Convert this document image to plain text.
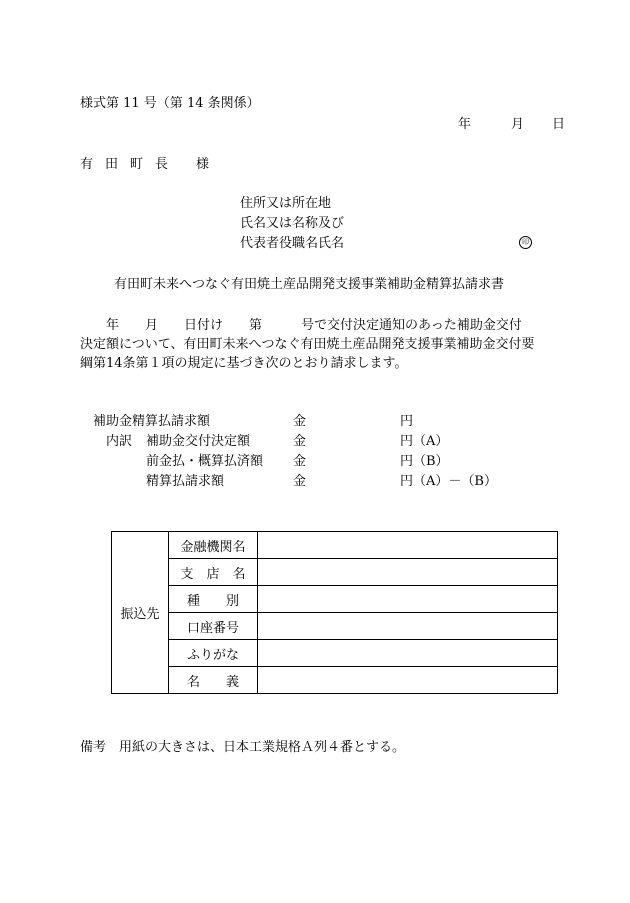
様式第 11 号（第 14 条関係）
年	月 日
有田町長 様
住所又は所在地
氏名又は名称及び
代表者役職名氏名	印
有田町未来へつなぐ有田焼土産品開発支援事業補助金精算払請求書

　　年　　月　　日付け　　第　　　号で交付決定通知のあった補助金交付

決定額について、有田町未来へつなぐ有田焼土産品開発支援事業補助金交付要

綱第14条第１項の規定に基づき次のとおり請求します。

補助金精算払請求額	金	円
内訳 補助金交付決定額	金	円（A）
前金払・概算払済額 金	円（B）
精算払請求額	金	円（A）－（B）
振込先	金融機関名	
	支　店　名	
	種　　別	
	口座番号	
	ふりがな	
	名　　義	
備考　用紙の大きさは、日本工業規格Ａ列４番とする。
